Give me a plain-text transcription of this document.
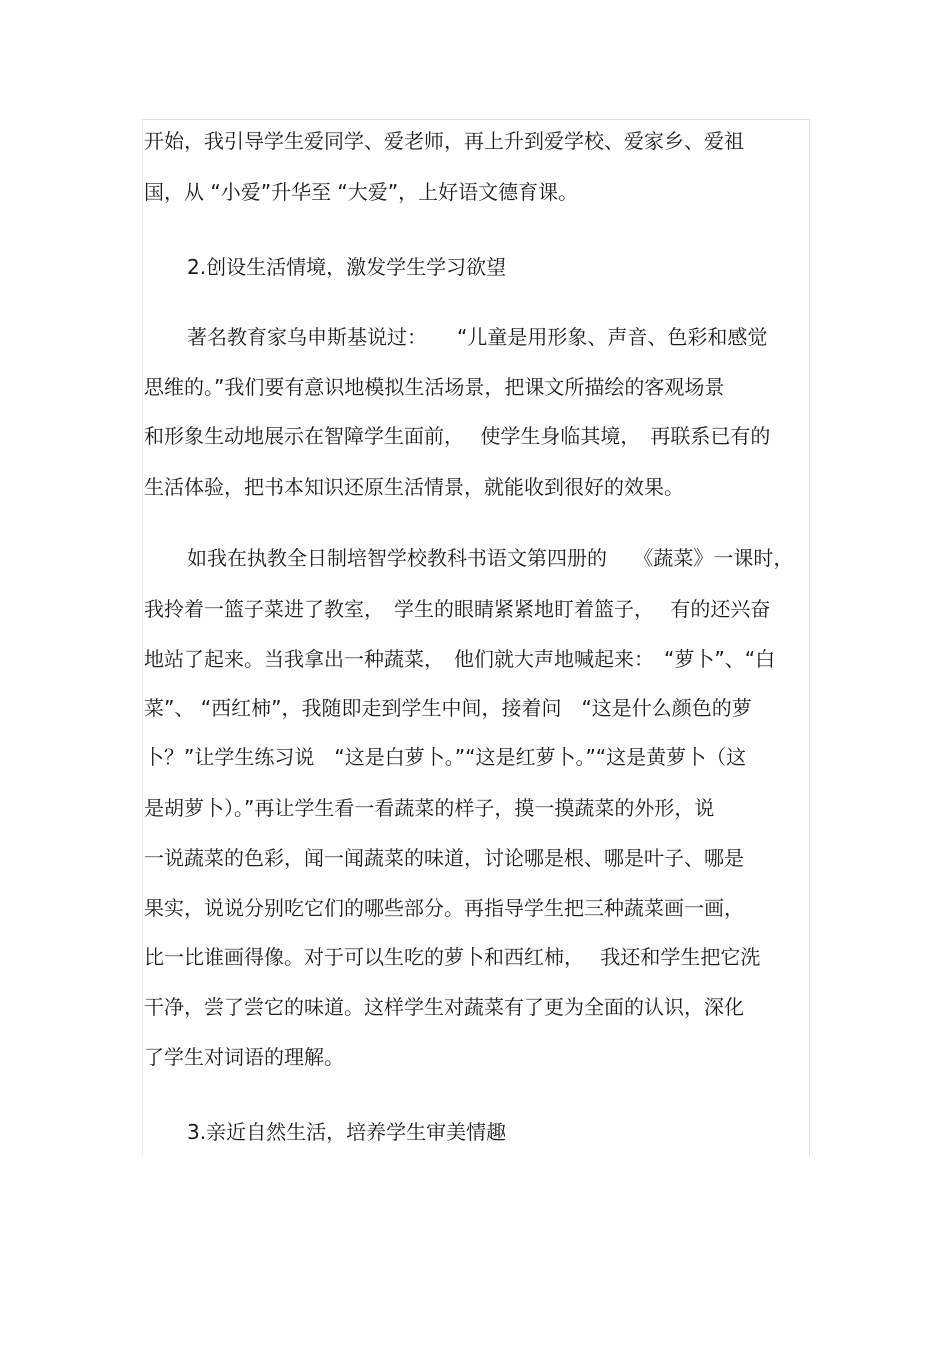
开始，我引导学生爱同学、爱老师，再上升到爱学校、爱家乡、爱祖
国，从 “小爱”升华至 “大爱”，上好语文德育课。
2.创设生活情境，激发学生学习欲望
著名教育家乌申斯基说过：　　“儿童是用形象、声音、色彩和感觉
思维的。”我们要有意识地模拟生活场景，把课文所描绘的客观场景
和形象生动地展示在智障学生面前，　 使学生身临其境，　再联系已有的
生活体验，把书本知识还原生活情景，就能收到很好的效果。
如我在执教全日制培智学校教科书语文第四册的　 《蔬菜》一课时，
我拎着一篮子菜进了教室，　学生的眼睛紧紧地盯着篮子，　 有的还兴奋
地站了起来。当我拿出一种蔬菜，　他们就大声地喊起来：　“萝卜”、“白
菜”、 “西红柿”，我随即走到学生中间，接着问　“这是什么颜色的萝
卜？”让学生练习说　“这是白萝卜。”“这是红萝卜。”“这是黄萝卜（这
是胡萝卜）。”再让学生看一看蔬菜的样子，摸一摸蔬菜的外形，说
一说蔬菜的色彩，闻一闻蔬菜的味道，讨论哪是根、哪是叶子、哪是
果实，说说分别吃它们的哪些部分。再指导学生把三种蔬菜画一画，
比一比谁画得像。对于可以生吃的萝卜和西红柿，　 我还和学生把它洗
干净，尝了尝它的味道。这样学生对蔬菜有了更为全面的认识，深化
了学生对词语的理解。
3.亲近自然生活，培养学生审美情趣
